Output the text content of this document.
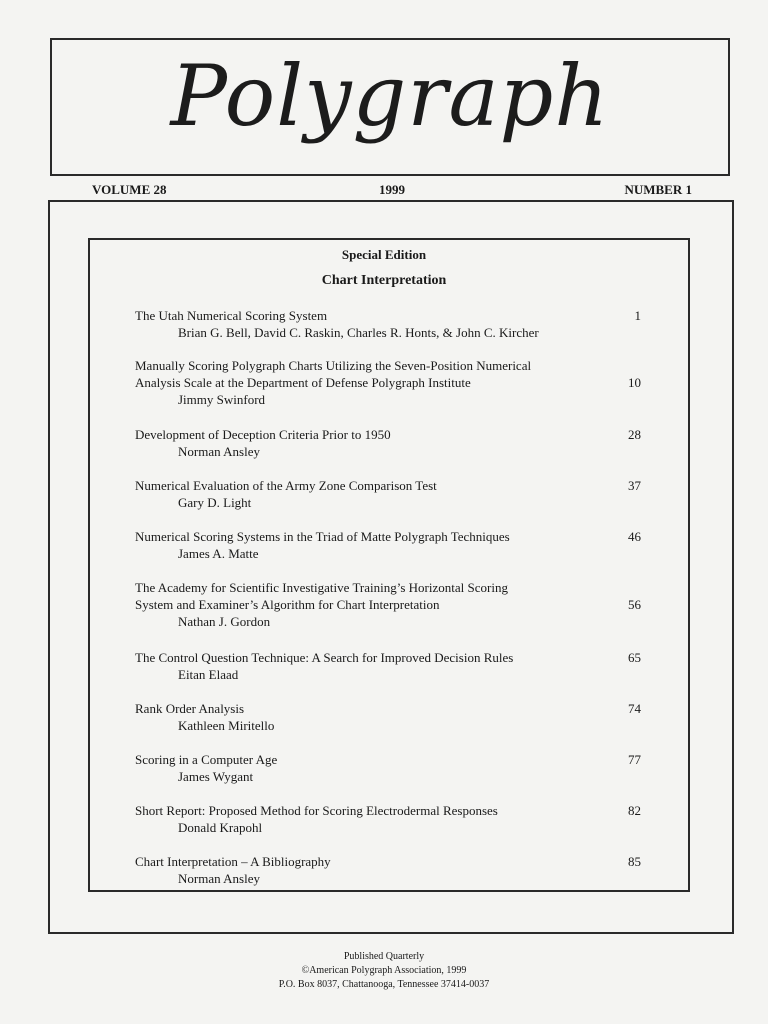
Polygraph
VOLUME 28	1999	NUMBER 1
Special Edition
Chart Interpretation
The Utah Numerical Scoring System
Brian G. Bell, David C. Raskin, Charles R. Honts, & John C. Kircher
1
Manually Scoring Polygraph Charts Utilizing the Seven-Position Numerical
Analysis Scale at the Department of Defense Polygraph Institute
Jimmy Swinford
10
Development of Deception Criteria Prior to 1950
Norman Ansley
28
Numerical Evaluation of the Army Zone Comparison Test
Gary D. Light
37
Numerical Scoring Systems in the Triad of Matte Polygraph Techniques
James A. Matte
46
The Academy for Scientific Investigative Training’s Horizontal Scoring
System and Examiner’s Algorithm for Chart Interpretation
Nathan J. Gordon
56
The Control Question Technique: A Search for Improved Decision Rules
Eitan Elaad
65
Rank Order Analysis
Kathleen Miritello
74
Scoring in a Computer Age
James Wygant
77
Short Report: Proposed Method for Scoring Electrodermal Responses
Donald Krapohl
82
Chart Interpretation – A Bibliography
Norman Ansley
85
Published Quarterly
©American Polygraph Association, 1999
P.O. Box 8037, Chattanooga, Tennessee 37414-0037
